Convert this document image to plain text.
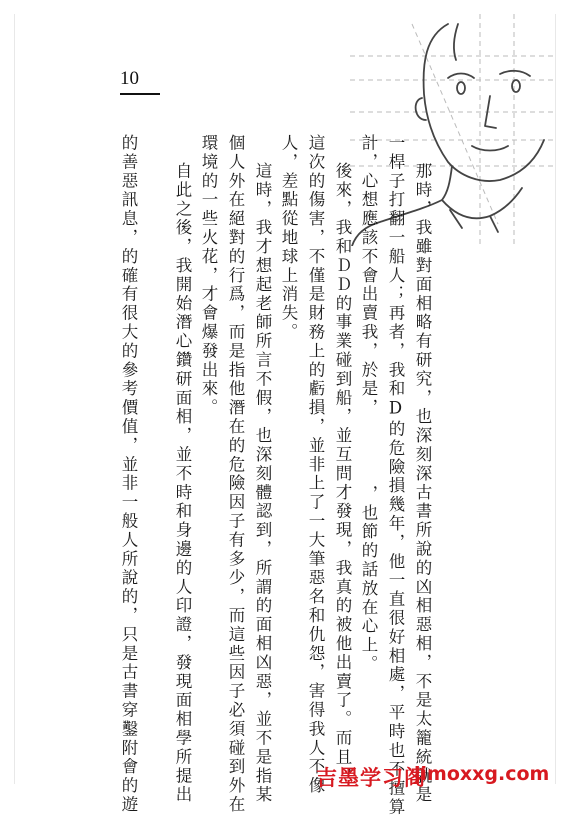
10
那時，我雖對面相略有研究，也深刻深古書所說的凶相惡相，不是太籠統就是
一桿子打翻一船人；再者，我和D的危險損幾年，他一直很好相處，平時也不擅算
計，心想應該不會出賣我，於是，　　　　，也節的話放在心上。
後來，我和ＤＤ的事業碰到船，並互問才發現，我真的被他出賣了。而且，
這次的傷害，不僅是財務上的虧損，並非上了一大筆惡名和仇怨，害得我人不像
人，差點從地球上消失。
這時，我才想起老師所言不假，也深刻體認到，所謂的面相凶惡，並不是指某
個人外在絕對的行爲，而是指他潛在的危險因子有多少，而這些因子必須碰到外在
環境的一些火花，才會爆發出來。
自此之後，我開始潛心鑽研面相，並不時和身邊的人印證，發現面相學所提出
的善惡訊息，的確有很大的參考價值，並非一般人所說的，只是古書穿鑿附會的遊	吉墨学习阁
jimoxxg.com
